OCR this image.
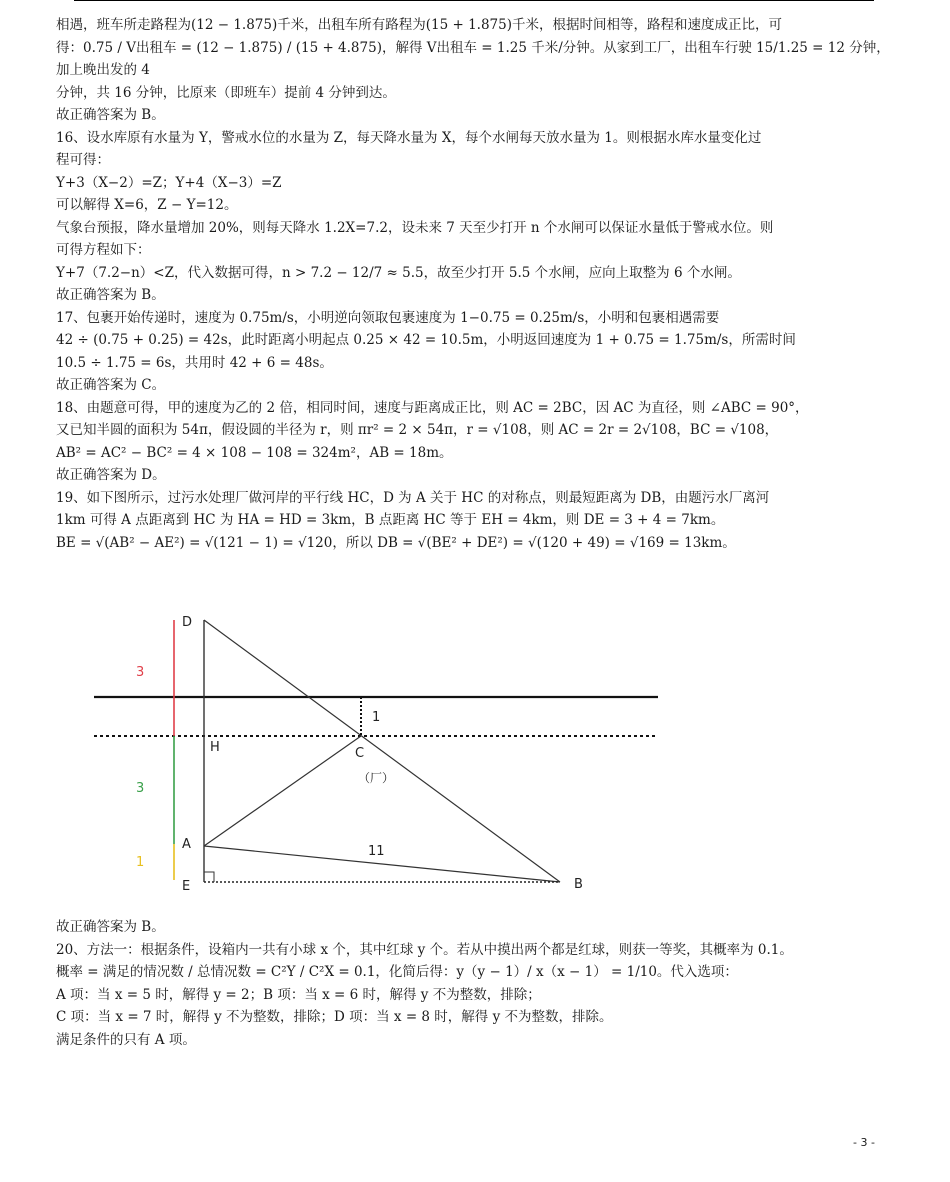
相遇，班车所走路程为(12 − 1.875)千米，出租车所有路程为(15 + 1.875)千米，根据时间相等，路程和速度成正比，可

得：0.75 / V出租车 = (12 − 1.875) / (15 + 4.875)，解得 V出租车 = 1.25 千米/分钟。从家到工厂，出租车行驶 15/1.25 = 12 分钟，加上晚出发的 4

分钟，共 16 分钟，比原来（即班车）提前 4 分钟到达。

故正确答案为 B。

16、设水库原有水量为 Y，警戒水位的水量为 Z，每天降水量为 X，每个水闸每天放水量为 1。则根据水库水量变化过

程可得：

Y+3（X−2）=Z；Y+4（X−3）=Z

可以解得 X=6，Z − Y=12。

气象台预报，降水量增加 20%，则每天降水 1.2X=7.2，设未来 7 天至少打开 n 个水闸可以保证水量低于警戒水位。则

可得方程如下：

Y+7（7.2−n）<Z，代入数据可得，n > 7.2 − 12/7 ≈ 5.5，故至少打开 5.5 个水闸，应向上取整为 6 个水闸。

故正确答案为 B。

17、包裹开始传递时，速度为 0.75m/s，小明逆向领取包裹速度为 1−0.75 = 0.25m/s，小明和包裹相遇需要

42 ÷ (0.75 + 0.25) = 42s，此时距离小明起点 0.25 × 42 = 10.5m，小明返回速度为 1 + 0.75 = 1.75m/s，所需时间

10.5 ÷ 1.75 = 6s，共用时 42 + 6 = 48s。

故正确答案为 C。

18、由题意可得，甲的速度为乙的 2 倍，相同时间，速度与距离成正比，则 AC = 2BC，因 AC 为直径，则 ∠ABC = 90°，

又已知半圆的面积为 54π，假设圆的半径为 r，则 πr² = 2 × 54π，r = √108，则 AC = 2r = 2√108，BC = √108，

AB² = AC² − BC² = 4 × 108 − 108 = 324m²，AB = 18m。

故正确答案为 D。

19、如下图所示，过污水处理厂做河岸的平行线 HC，D 为 A 关于 HC 的对称点，则最短距离为 DB，由题污水厂离河

1km 可得 A 点距离到 HC 为 HA = HD = 3km，B 点距离 HC 等于 EH = 4km，则 DE = 3 + 4 = 7km。

BE = √(AB² − AE²) = √(121 − 1) = √120，所以 DB = √(BE² + DE²) = √(120 + 49) = √169 = 13km。

D
H
A
E
C
B
（厂）
3
1
3
1
11

故正确答案为 B。

20、方法一：根据条件，设箱内一共有小球 x 个，其中红球 y 个。若从中摸出两个都是红球，则获一等奖，其概率为 0.1。

概率 = 满足的情况数 / 总情况数 = C²Y / C²X = 0.1，化简后得：y（y − 1）/ x（x − 1） = 1/10。代入选项：

A 项：当 x = 5 时，解得 y = 2；B 项：当 x = 6 时，解得 y 不为整数，排除；

C 项：当 x = 7 时，解得 y 不为整数，排除；D 项：当 x = 8 时，解得 y 不为整数，排除。

满足条件的只有 A 项。

- 3 -
